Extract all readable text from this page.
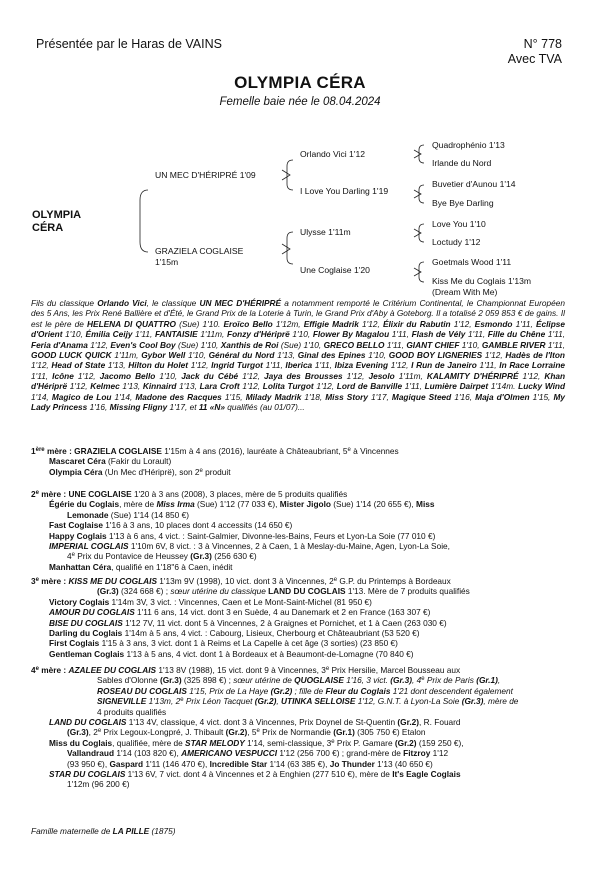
Présentée par le Haras de VAINS	N° 778
Avec TVA
OLYMPIA CÉRA
Femelle baie née le 08.04.2024
OLYMPIA
CÉRA
UN MEC D'HÉRIPRÉ 1'09
GRAZIELA COGLAISE
1'15m
Orlando Vici 1'12
I Love You Darling 1'19
Ulysse 1'11m
Une Coglaise 1'20
Quadrophénio 1'13
Irlande du Nord
Buvetier d'Aunou 1'14
Bye Bye Darling
Love You 1'10
Loctudy 1'12
Goetmals Wood 1'11
Kiss Me du Coglais 1'13m
(Dream With Me)
Fils du classique Orlando Vici, le classique UN MEC D'HÉRIPRÉ a notamment remporté le Critérium Continental, le Championnat Européen des 5 Ans, les Prix René Ballière et d'Été, le Grand Prix de la Loterie à Turin, le Grand Prix d'Aby à Goteborg. Il a totalisé 2 059 853 € de gains. Il est le père de HELENA DI QUATTRO (Sue) 1'10. Eroïco Bello 1'12m, Effigie Madrik 1'12, Élixir du Rabutin 1'12, Esmondo 1'11, Éclipse d'Orient 1'10, Émilia Ceijy 1'11, FANTAISIE 1'11m, Fonzy d'Hériprë 1'10, Flower By Magalou 1'11, Flash de Vély 1'11, Fille du Chêne 1'11, Feria d'Anama 1'12, Even's Cool Boy (Sue) 1'10, Xanthis de Roi (Sue) 1'10, GRECO BELLO 1'11, GIANT CHIEF 1'10, GAMBLE RIVER 1'11, GOOD LUCK QUICK 1'11m, Gybor Well 1'10, Général du Nord 1'13, Ginal des Epines 1'10, GOOD BOY LIGNERIES 1'12, Hadès de l'Iton 1'12, Head of State 1'13, Hilton du Holet 1'12, Ingrid Turgot 1'11, Iberica 1'11, Ibiza Evening 1'12, I Run de Janeiro 1'11, In Race Lorraine 1'11, Icône 1'12, Jacomo Bello 1'10, Jack du Cébé 1'12, Jaya des Brousses 1'12, Jesolo 1'11m, KALAMITY D'HÉRIPRÉ 1'12, Khan d'Hériprë 1'12, Kelmec 1'13, Kinnaird 1'13, Lara Croft 1'12, Lolita Turgot 1'12, Lord de Banville 1'11, Lumière Dairpet 1'14m. Lucky Wind 1'14, Magico de Lou 1'14, Madone des Racques 1'15, Milady Madrik 1'18, Miss Story 1'17, Magique Steed 1'16, Maja d'Olmen 1'15, My Lady Princess 1'16, Missing Fligny 1'17, et 11 «N» qualifiés (au 01/07)...
1ère mère : GRAZIELA COGLAISE 1'15m à 4 ans (2016), lauréate à Châteaubriant, 5e à Vincennes
Mascaret Céra (Fakir du Lorault)
Olympia Céra (Un Mec d'Hériprë), son 2e produit
2e mère : UNE COGLAISE 1'20 à 3 ans (2008), 3 places, mère de 5 produits qualifiés
Égérie du Coglais, mère de Miss Irma (Sue) 1'12 (77 033 €), Mister Jigolo (Sue) 1'14 (20 655 €), Miss
Lemonade (Sue) 1'14 (14 850 €)
Fast Coglaise 1'16 à 3 ans, 10 places dont 4 accessits (14 650 €)
Happy Coglais 1'13 à 6 ans, 4 vict. : Saint-Galmier, Divonne-les-Bains, Feurs et Lyon-La Soie (77 010 €)
IMPERIAL COGLAIS 1'10m 6V, 8 vict. : 3 à Vincennes, 2 à Caen, 1 à Meslay-du-Maine, Agen, Lyon-La Soie,
4e Prix du Pontavice de Heussey (Gr.3) (256 630 €)
Manhattan Céra, qualifié en 1'18"6 à Caen, inédit
3e mère : KISS ME DU COGLAIS 1'13m 9V (1998), 10 vict. dont 3 à Vincennes, 2e G.P. du Printemps à Bordeaux
(Gr.3) (324 668 €) ; sœur utérine du classique LAND DU COGLAIS 1'13. Mère de 7 produits qualifiés
Victory Coglais 1'14m 3V, 3 vict. : Vincennes, Caen et Le Mont-Saint-Michel (81 950 €)
AMOUR DU COGLAIS 1'11 6 ans, 14 vict. dont 3 en Suède, 4 au Danemark et 2 en France (163 307 €)
BISE DU COGLAIS 1'12 7V, 11 vict. dont 5 à Vincennes, 2 à Graignes et Pornichet, et 1 à Caen (263 030 €)
Darling du Coglais 1'14m à 5 ans, 4 vict. : Cabourg, Lisieux, Cherbourg et Châteaubriant (53 520 €)
First Coglais 1'15 à 3 ans, 3 vict. dont 1 à Reims et La Capelle à cet âge (3 sorties) (23 850 €)
Gentleman Coglais 1'13 à 5 ans, 4 vict. dont 1 à Bordeaux et à Beaumont-de-Lomagne (70 840 €)
4e mère : AZALEE DU COGLAIS 1'13 8V (1988), 15 vict. dont 9 à Vincennes, 3e Prix Hersilie, Marcel Bousseau aux
Sables d'Olonne (Gr.3) (325 898 €) ; sœur utérine de QUOGLAISE 1'16, 3 vict. (Gr.3), 4e Prix de Paris (Gr.1),
ROSEAU DU COGLAIS 1'15, Prix de La Haye (Gr.2) ; fille de Fleur du Coglais 1'21 dont descendent également
SIGNEVILLE 1'13m, 2e Prix Léon Tacquet (Gr.2), UTINKA SELLOISE 1'12, G.N.T. à Lyon-La Soie (Gr.3), mère de
4 produits qualifiés
LAND DU COGLAIS 1'13 4V, classique, 4 vict. dont 3 à Vincennes, Prix Doynel de St-Quentin (Gr.2), R. Fouard
(Gr.3), 2e Prix Legoux-Longpré, J. Thibault (Gr.2), 5e Prix de Normandie (Gr.1) (305 750 €) Etalon
Miss du Coglais, qualifiée, mère de STAR MELODY 1'14, semi-classique, 3e Prix P. Gamare (Gr.2) (159 250 €),
Vallandraud 1'14 (103 820 €), AMERICANO VESPUCCI 1'12 (256 700 €) ; grand-mère de Fitzroy 1'12
(93 950 €), Gaspard 1'11 (146 470 €), Incredible Star 1'14 (63 385 €), Jo Thunder 1'13 (40 650 €)
STAR DU COGLAIS 1'13 6V, 7 vict. dont 4 à Vincennes et 2 à Enghien (277 510 €), mère de It's Eagle Coglais
1'12m (96 200 €)
Famille maternelle de LA PILLE (1875)
